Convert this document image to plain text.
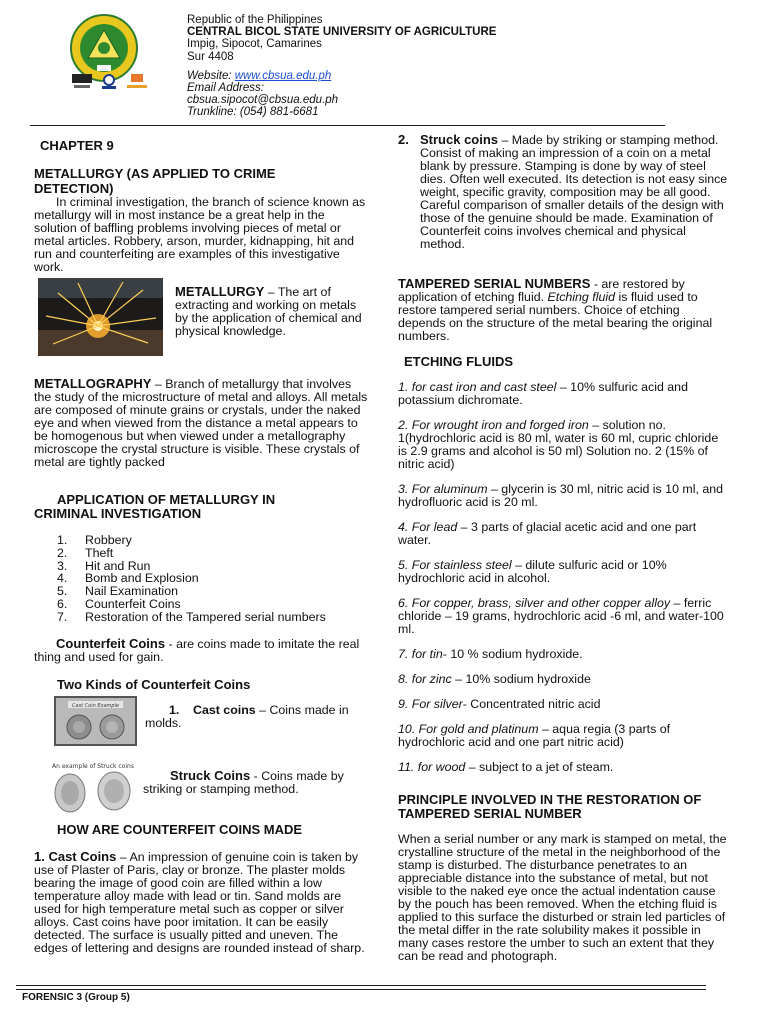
Republic of the Philippines
CENTRAL BICOL STATE UNIVERSITY OF AGRICULTURE
Impig, Sipocot, Camarines
Sur 4408
Website: www.cbsua.edu.ph
Email Address:
cbsua.sipocot@cbsua.edu.ph
Trunkline: (054) 881-6681
CHAPTER 9
METALLURGY (AS APPLIED TO CRIME DETECTION)
In criminal investigation, the branch of science known as metallurgy will in most instance be a great help in the solution of baffling problems involving pieces of metal or metal articles. Robbery, arson, murder, kidnapping, hit and run and counterfeiting are examples of this investigative work.
METALLURGY – The art of extracting and working on metals by the application of chemical and physical knowledge.
METALLOGRAPHY – Branch of metallurgy that involves the study of the microstructure of metal and alloys. All metals are composed of minute grains or crystals, under the naked eye and when viewed from the distance a metal appears to be homogenous but when viewed under a metallography microscope the crystal structure is visible. These crystals of metal are tightly packed
APPLICATION OF METALLURGY IN CRIMINAL INVESTIGATION
1.	Robbery
2.	Theft
3.	Hit and Run
4.	Bomb and Explosion
5.	Nail Examination
6.	Counterfeit Coins
7.	Restoration of the Tampered serial numbers
Counterfeit Coins - are coins made to imitate the real thing and used for gain.
Two Kinds of Counterfeit Coins
Cast Coin Example	1. Cast coins – Coins made in molds.
An example of Struck coins
Struck Coins - Coins made by striking or stamping method.
HOW ARE COUNTERFEIT COINS MADE
1. Cast Coins – An impression of genuine coin is taken by use of Plaster of Paris, clay or bronze. The plaster molds bearing the image of good coin are filled within a low temperature alloy made with lead or tin. Sand molds are used for high temperature metal such as copper or silver alloys. Cast coins have poor imitation. It can be easily detected. The surface is usually pitted and uneven. The edges of lettering and designs are rounded instead of sharp.
2. Struck coins – Made by striking or stamping method. Consist of making an impression of a coin on a metal blank by pressure. Stamping is done by way of steel dies. Often well executed. Its detection is not easy since weight, specific gravity, composition may be all good. Careful comparison of smaller details of the design with those of the genuine should be made. Examination of Counterfeit coins involves chemical and physical method.
TAMPERED SERIAL NUMBERS - are restored by application of etching fluid. Etching fluid is fluid used to restore tampered serial numbers. Choice of etching depends on the structure of the metal bearing the original numbers.
ETCHING FLUIDS
1. for cast iron and cast steel – 10% sulfuric acid and potassium dichromate.
2. For wrought iron and forged iron – solution no. 1(hydrochloric acid is 80 ml, water is 60 ml, cupric chloride is 2.9 grams and alcohol is 50 ml) Solution no. 2 (15% of nitric acid)
3. For aluminum – glycerin is 30 ml, nitric acid is 10 ml, and hydrofluoric acid is 20 ml.
4. For lead – 3 parts of glacial acetic acid and one part water.
5. For stainless steel – dilute sulfuric acid or 10% hydrochloric acid in alcohol.
6. For copper, brass, silver and other copper alloy – ferric chloride – 19 grams, hydrochloric acid -6 ml, and water-100 ml.
7. for tin- 10 % sodium hydroxide.
8. for zinc – 10% sodium hydroxide
9. For silver- Concentrated nitric acid
10. For gold and platinum – aqua regia (3 parts of hydrochloric acid and one part nitric acid)
11. for wood – subject to a jet of steam.
PRINCIPLE INVOLVED IN THE RESTORATION OF TAMPERED SERIAL NUMBER
When a serial number or any mark is stamped on metal, the crystalline structure of the metal in the neighborhood of the stamp is disturbed. The disturbance penetrates to an appreciable distance into the substance of metal, but not visible to the naked eye once the actual indentation cause by the pouch has been removed. When the etching fluid is applied to this surface the disturbed or strain led particles of the metal differ in the rate solubility makes it possible in many cases restore the umber to such an extent that they can be read and photograph.
FORENSIC 3 (Group 5)
